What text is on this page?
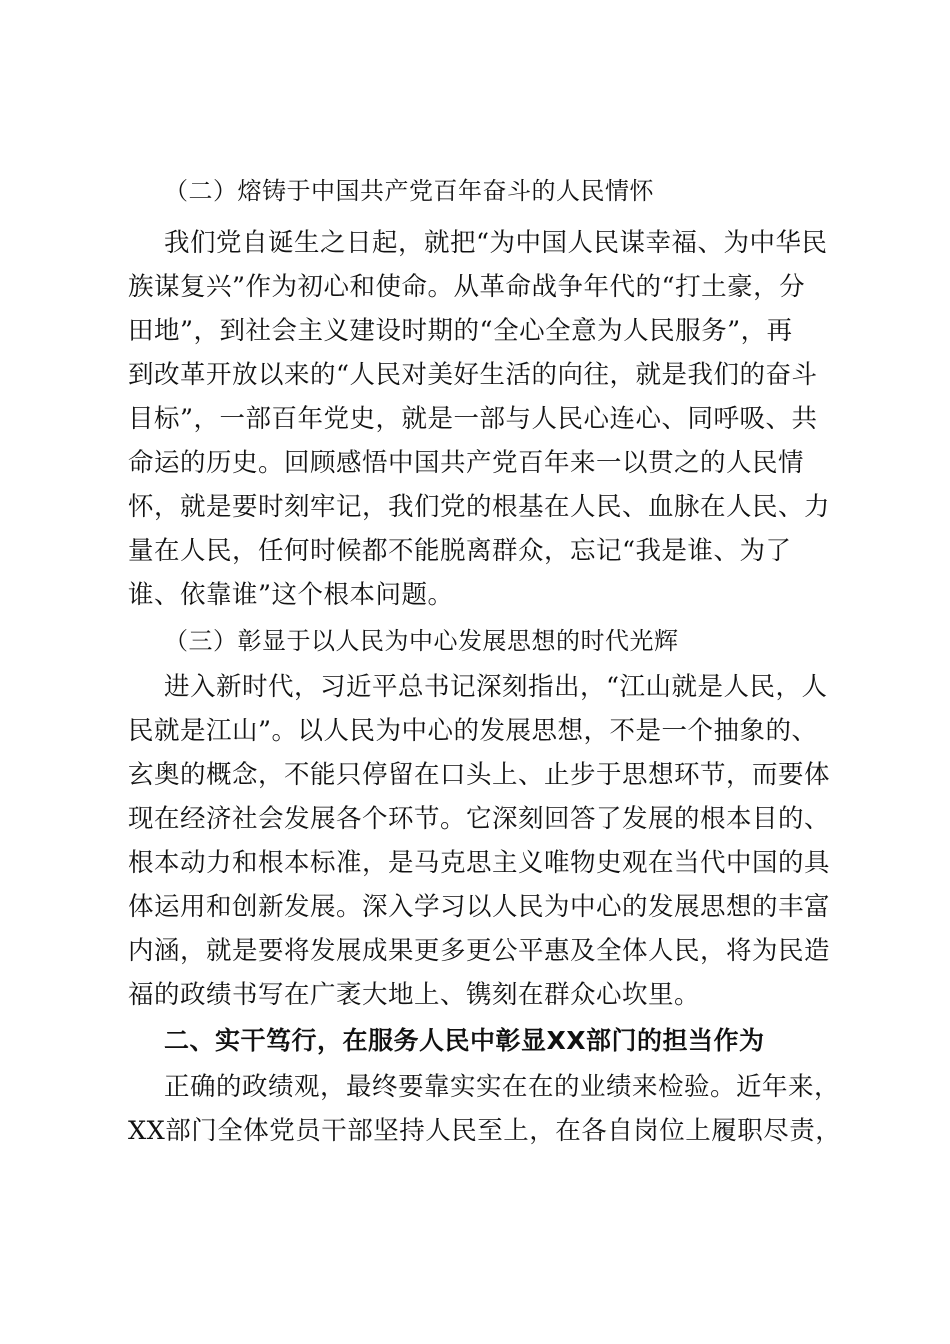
（二）熔铸于中国共产党百年奋斗的人民情怀
我们党自诞生之日起，就把“为中国人民谋幸福、为中华民
族谋复兴”作为初心和使命。从革命战争年代的“打土豪，分
田地”，到社会主义建设时期的“全心全意为人民服务”，再
到改革开放以来的“人民对美好生活的向往，就是我们的奋斗
目标”，一部百年党史，就是一部与人民心连心、同呼吸、共
命运的历史。回顾感悟中国共产党百年来一以贯之的人民情
怀，就是要时刻牢记，我们党的根基在人民、血脉在人民、力
量在人民，任何时候都不能脱离群众，忘记“我是谁、为了
谁、依靠谁”这个根本问题。
（三）彰显于以人民为中心发展思想的时代光辉
进入新时代，习近平总书记深刻指出，“江山就是人民，人
民就是江山”。以人民为中心的发展思想，不是一个抽象的、
玄奥的概念，不能只停留在口头上、止步于思想环节，而要体
现在经济社会发展各个环节。它深刻回答了发展的根本目的、
根本动力和根本标准，是马克思主义唯物史观在当代中国的具
体运用和创新发展。深入学习以人民为中心的发展思想的丰富
内涵，就是要将发展成果更多更公平惠及全体人民，将为民造
福的政绩书写在广袤大地上、镌刻在群众心坎里。
二、实干笃行，在服务人民中彰显XX部门的担当作为
正确的政绩观，最终要靠实实在在的业绩来检验。近年来，
XX部门全体党员干部坚持人民至上，在各自岗位上履职尽责，
